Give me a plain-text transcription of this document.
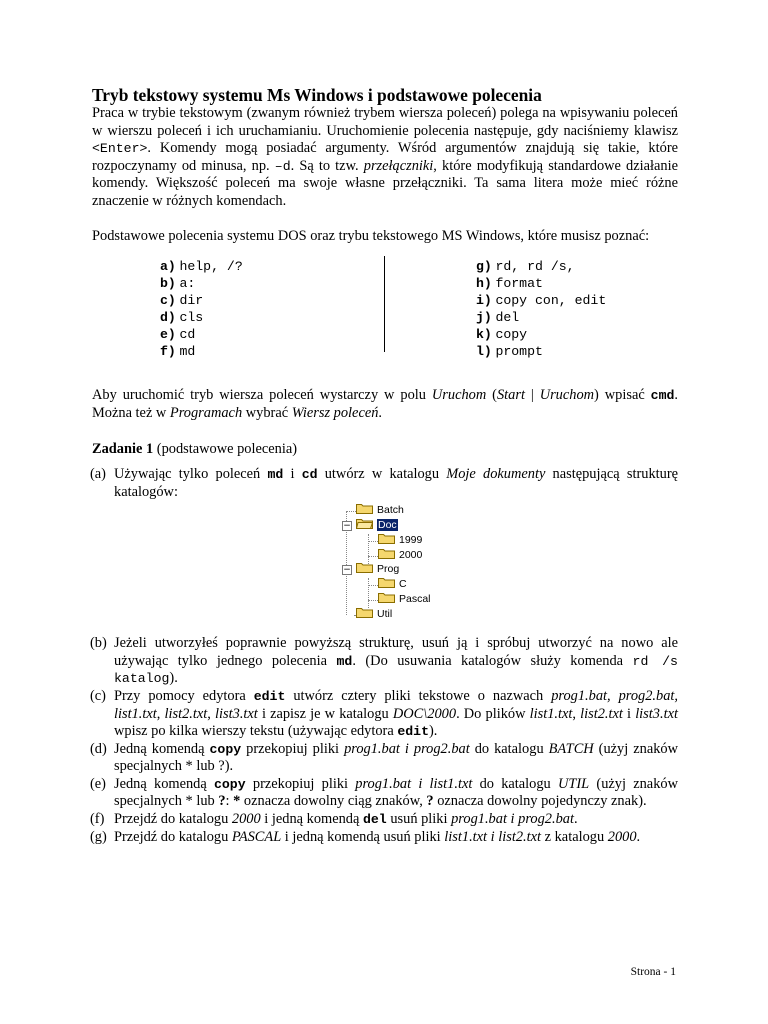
Tryb tekstowy systemu Ms Windows i podstawowe polecenia

Praca w trybie tekstowym (zwanym również trybem wiersza poleceń) polega na wpisywaniu poleceń w wierszu poleceń i ich uruchamianiu. Uruchomienie polecenia następuje, gdy naciśniemy klawisz <Enter>. Komendy mogą posiadać argumenty. Wśród argumentów znajdują się takie, które rozpoczynamy od minusa, np. –d. Są to tzw. przełączniki, które modyfikują standardowe działanie komendy. Większość poleceń ma swoje własne przełączniki. Ta sama litera może mieć różne znaczenie w różnych komendach.

Podstawowe polecenia systemu DOS oraz trybu tekstowego MS Windows, które musisz poznać:

a) help, /?
b) a:
c) dir
d) cls
e) cd
f) md
g) rd, rd /s,
h) format
i) copy con, edit
j) del
k) copy
l) prompt

Aby uruchomić tryb wiersza poleceń wystarczy w polu Uruchom (Start | Uruchom) wpisać cmd. Można też w Programach wybrać Wiersz poleceń.

Zadanie 1 (podstawowe polecenia)

(a) Używając tylko poleceń md i cd utwórz w katalogu Moje dokumenty następującą strukturę katalogów:
−
−
Batch
Doc
1999
2000
Prog
C
Pascal
Util
(b) Jeżeli utworzyłeś poprawnie powyższą strukturę, usuń ją i spróbuj utworzyć na nowo ale używając tylko jednego polecenia md. (Do usuwania katalogów służy komenda rd /s katalog).
(c) Przy pomocy edytora edit utwórz cztery pliki tekstowe o nazwach prog1.bat, prog2.bat, list1.txt, list2.txt, list3.txt i zapisz je w katalogu DOC\2000. Do plików list1.txt, list2.txt i list3.txt wpisz po kilka wierszy tekstu (używając edytora edit).
(d) Jedną komendą copy przekopiuj pliki prog1.bat i prog2.bat do katalogu BATCH (użyj znaków specjalnych * lub ?).
(e) Jedną komendą copy przekopiuj pliki prog1.bat i list1.txt do katalogu UTIL (użyj znaków specjalnych * lub ?: * oznacza dowolny ciąg znaków, ? oznacza dowolny pojedynczy znak).
(f) Przejdź do katalogu 2000 i jedną komendą del usuń pliki prog1.bat i prog2.bat.
(g) Przejdź do katalogu PASCAL i jedną komendą usuń pliki list1.txt i list2.txt z katalogu 2000.
Strona - 1
